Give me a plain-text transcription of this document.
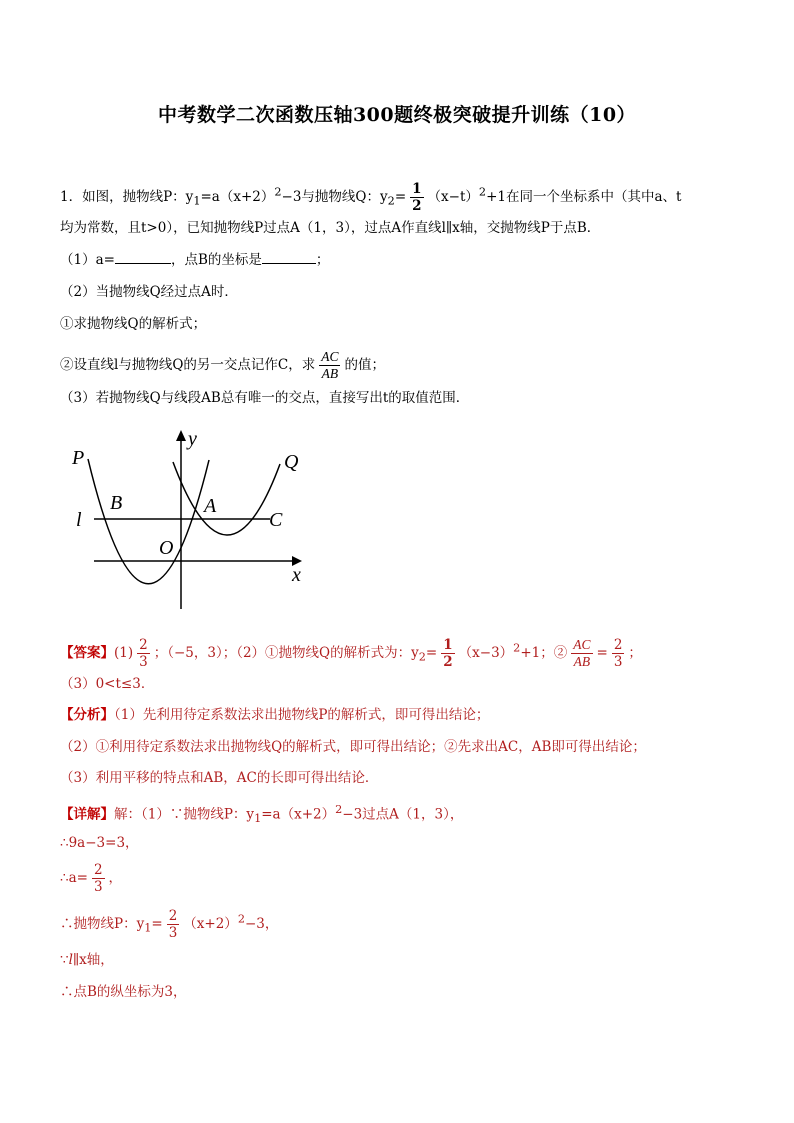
中考数学二次函数压轴300题终极突破提升训练（10）
1．如图，抛物线P：$y_1=a(x+2)^2-3$与抛物线Q：$y_2= \frac{1}{2} (x-t)^2+1$在同一个坐标系中（其中a、t
均为常数，且t>0），已知抛物线P过点A（1，3），过点A作直线l∥x轴，交抛物线P于点B．
（1）a=	，点B的坐标是	；
（2）当抛物线Q经过点A时．
①求抛物线Q的解析式；
②设直线l与抛物线Q的另一交点记作C，求 $\frac{AC}{AB}$ 的值；
（3）若抛物线Q与线段AB总有唯一的交点，直接写出t的取值范围．
y
x
P	Q
l
B	A
C
O
【答案】$(1) \frac{2}{3}$ ；（−5，3）；（2）①抛物线Q的解析式为：$y_2= \frac{1}{2} (x-3)^2+1$；② $\frac{AC}{AB} = \frac{2}{3}$ ；
（3）0<t≤3．
【分析】（1）先利用待定系数法求出抛物线P的解析式，即可得出结论；
（2）①利用待定系数法求出抛物线Q的解析式，即可得出结论；②先求出AC，AB即可得出结论；
（3）利用平移的特点和AB，AC的长即可得出结论．
【详解】解：（1）∵抛物线P：$y_1=a(x+2)^2-3$过点A（1，3），
∴9a−3=3，
∴a= $\frac{2}{3}$ ，
∴抛物线P：$y_1= \frac{2}{3} (x+2)^2-3$，
∵l∥x轴，
∴点B的纵坐标为3，
